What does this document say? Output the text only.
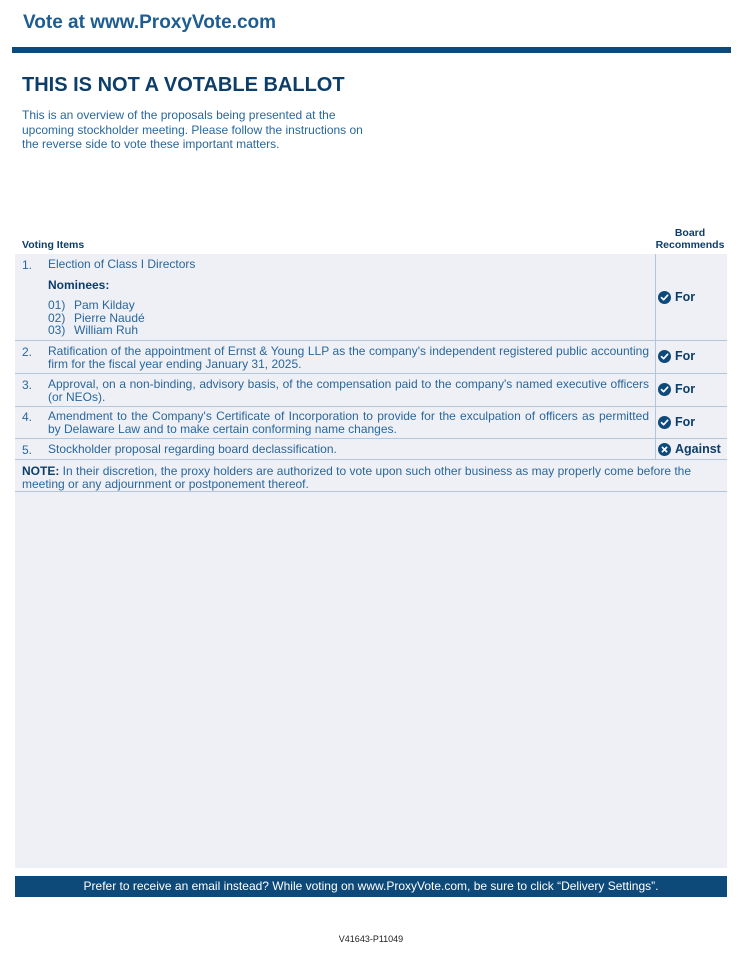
Vote at www.ProxyVote.com
THIS IS NOT A VOTABLE BALLOT
This is an overview of the proposals being presented at the
upcoming stockholder meeting. Please follow the instructions on
the reverse side to vote these important matters.
Voting Items
Board
Recommends
1. Election of Class I Directors
Nominees:
01) Pam Kilday
02) Pierre Naudé
03) William Ruh
For
2. Ratification of the appointment of Ernst & Young LLP as the company's independent registered public accounting firm for the fiscal year ending January 31, 2025.
For
3. Approval, on a non-binding, advisory basis, of the compensation paid to the company's named executive officers (or NEOs).
For
4. Amendment to the Company's Certificate of Incorporation to provide for the exculpation of officers as permitted by Delaware Law and to make certain conforming name changes.	For
5. Stockholder proposal regarding board declassification.	Against
NOTE: In their discretion, the proxy holders are authorized to vote upon such other business as may properly come before the meeting or any adjournment or postponement thereof.
Prefer to receive an email instead? While voting on www.ProxyVote.com, be sure to click “Delivery Settings”.
V41643-P11049
